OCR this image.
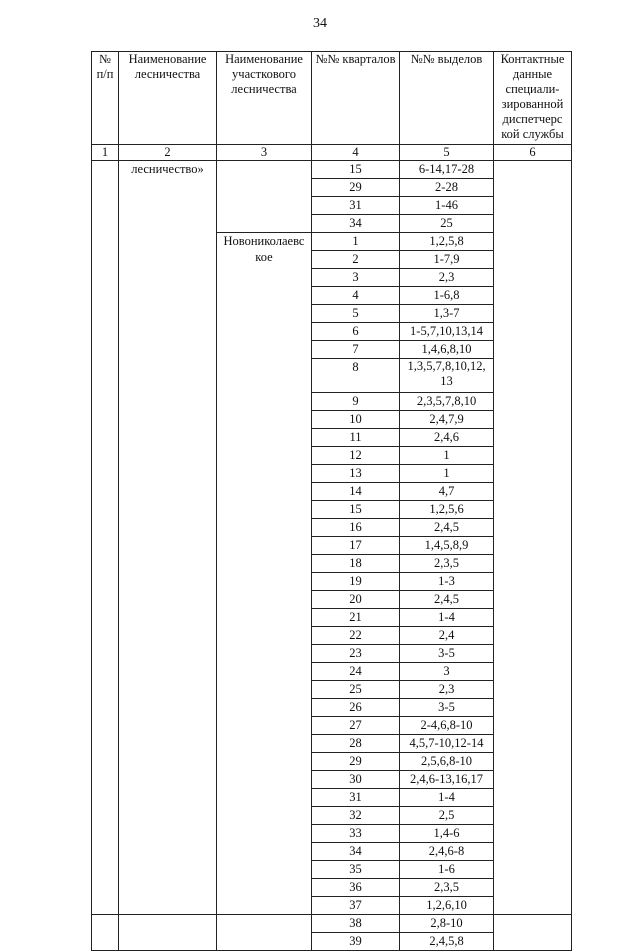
34
№ п/п	Наименование лесничества	Наименование участкового лесничества	№№ кварталов	№№ выделов	Контактные данные специали- зированной диспетчерс кой службы
1	2	3	4	5	6
	лесничество»		15	6-14,17-28	
			29	2-28	
			31	1-46	
			34	25	
		Новониколаевс кое	1	1,2,5,8	
			2	1-7,9	
			3	2,3	
			4	1-6,8	
			5	1,3-7	
			6	1-5,7,10,13,14	
			7	1,4,6,8,10	
			8	1,3,5,7,8,10,12, 13	
			9	2,3,5,7,8,10	
			10	2,4,7,9	
			11	2,4,6	
			12	1	
			13	1	
			14	4,7	
			15	1,2,5,6	
			16	2,4,5	
			17	1,4,5,8,9	
			18	2,3,5	
			19	1-3	
			20	2,4,5	
			21	1-4	
			22	2,4	
			23	3-5	
			24	3	
			25	2,3	
			26	3-5	
			27	2-4,6,8-10	
			28	4,5,7-10,12-14	
			29	2,5,6,8-10	
			30	2,4,6-13,16,17	
			31	1-4	
			32	2,5	
			33	1,4-6	
			34	2,4,6-8	
			35	1-6	
			36	2,3,5	
			37	1,2,6,10	
			38	2,8-10	
			39	2,4,5,8	
